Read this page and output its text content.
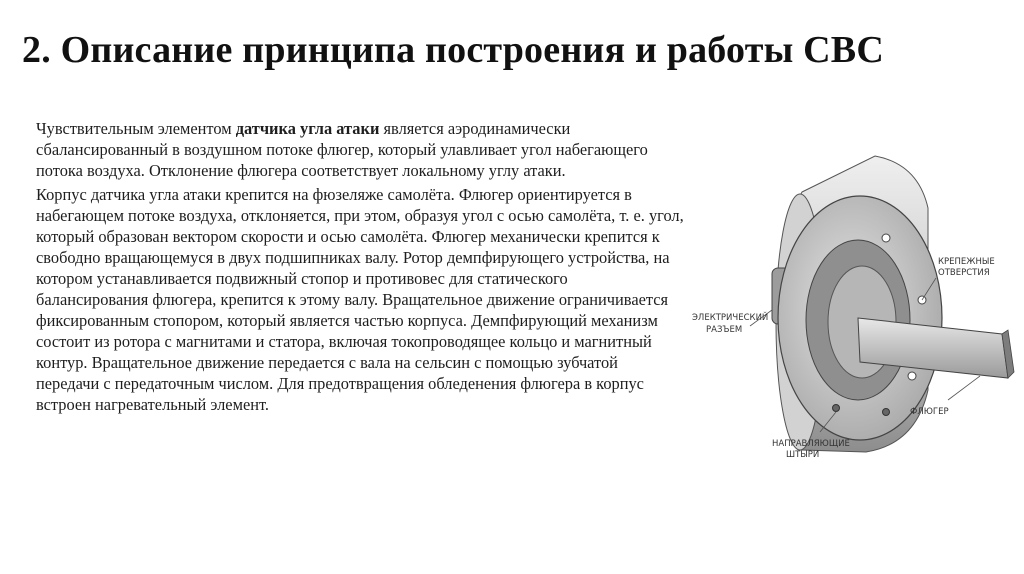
2. Описание принципа построения и работы СВС

Чувствительным элементом датчика угла атаки является аэродинамически сбалансированный в воздушном потоке флюгер, который улавливает угол набегающего потока воздуха. Отклонение флюгера соответствует локальному углу атаки.

Корпус датчика угла атаки крепится на фюзеляже самолёта. Флюгер ориентируется в набегающем потоке воздуха, отклоняется, при этом, образуя угол с осью самолёта, т. е. угол, который образован вектором скорости и осью самолёта. Флюгер механически крепится к свободно вращающемуся в двух подшипниках валу. Ротор демпфирующего устройства, на котором устанавливается подвижный стопор и противовес для статического балансирования флюгера, крепится к этому валу. Вращательное движение ограничивается фиксированным стопором, который является частью корпуса. Демпфирующий механизм состоит из ротора с магнитами и статора, включая токопроводящее кольцо и магнитный контур. Вращательное движение передается с вала на сельсин с помощью зубчатой передачи с передаточным числом. Для предотвращения обледенения флюгера в корпус встроен нагревательный элемент.

КРЕПЕЖНЫЕ
ОТВЕРСТИЯ
ЭЛЕКТРИЧЕСКИЙ
РАЗЪЕМ
ФЛЮГЕР
НАПРАВЛЯЮЩИЕ
ШТЫРИ
